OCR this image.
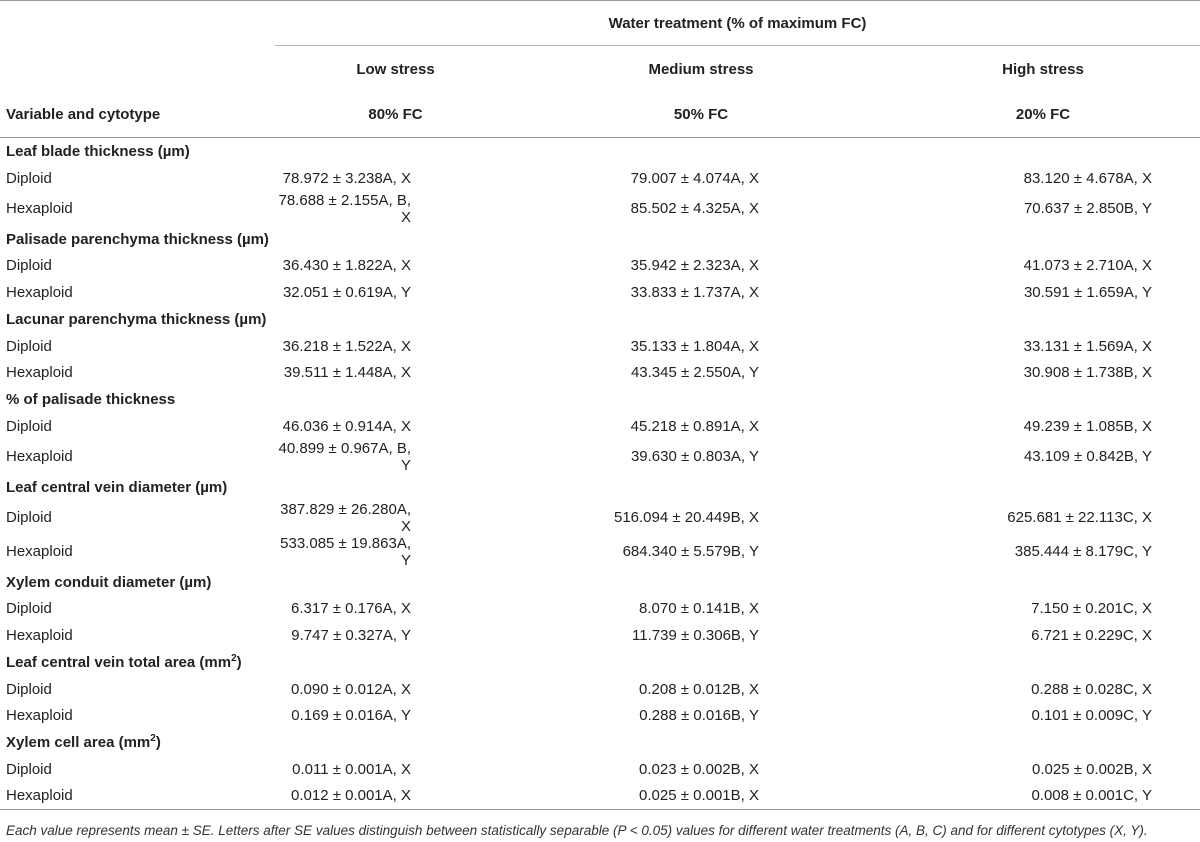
	Water treatment (% of maximum FC)		
	Low stress	Medium stress	High stress
Variable and cytotype	80% FC	50% FC	20% FC
Leaf blade thickness (µm)			
Diploid	78.972 ± 3.238A, X	79.007 ± 4.074A, X	83.120 ± 4.678A, X
Hexaploid	78.688 ± 2.155A, B, X	85.502 ± 4.325A, X	70.637 ± 2.850B, Y
Palisade parenchyma thickness (µm)			
Diploid	36.430 ± 1.822A, X	35.942 ± 2.323A, X	41.073 ± 2.710A, X
Hexaploid	32.051 ± 0.619A, Y	33.833 ± 1.737A, X	30.591 ± 1.659A, Y
Lacunar parenchyma thickness (µm)			
Diploid	36.218 ± 1.522A, X	35.133 ± 1.804A, X	33.131 ± 1.569A, X
Hexaploid	39.511 ± 1.448A, X	43.345 ± 2.550A, Y	30.908 ± 1.738B, X
% of palisade thickness			
Diploid	46.036 ± 0.914A, X	45.218 ± 0.891A, X	49.239 ± 1.085B, X
Hexaploid	40.899 ± 0.967A, B, Y	39.630 ± 0.803A, Y	43.109 ± 0.842B, Y
Leaf central vein diameter (µm)			
Diploid	387.829 ± 26.280A, X	516.094 ± 20.449B, X	625.681 ± 22.113C, X
Hexaploid	533.085 ± 19.863A, Y	684.340 ± 5.579B, Y	385.444 ± 8.179C, Y
Xylem conduit diameter (µm)			
Diploid	6.317 ± 0.176A, X	8.070 ± 0.141B, X	7.150 ± 0.201C, X
Hexaploid	9.747 ± 0.327A, Y	11.739 ± 0.306B, Y	6.721 ± 0.229C, X
Leaf central vein total area $(mm^2)$			
Diploid	0.090 ± 0.012A, X	0.208 ± 0.012B, X	0.288 ± 0.028C, X
Hexaploid	0.169 ± 0.016A, Y	0.288 ± 0.016B, Y	0.101 ± 0.009C, Y
Xylem cell area $(mm^2)$			
Diploid	0.011 ± 0.001A, X	0.023 ± 0.002B, X	0.025 ± 0.002B, X
Hexaploid	0.012 ± 0.001A, X	0.025 ± 0.001B, X	0.008 ± 0.001C, Y
Each value represents mean ± SE. Letters after SE values distinguish between statistically separable (P < 0.05) values for different water treatments (A, B, C) and for different cytotypes (X, Y).
